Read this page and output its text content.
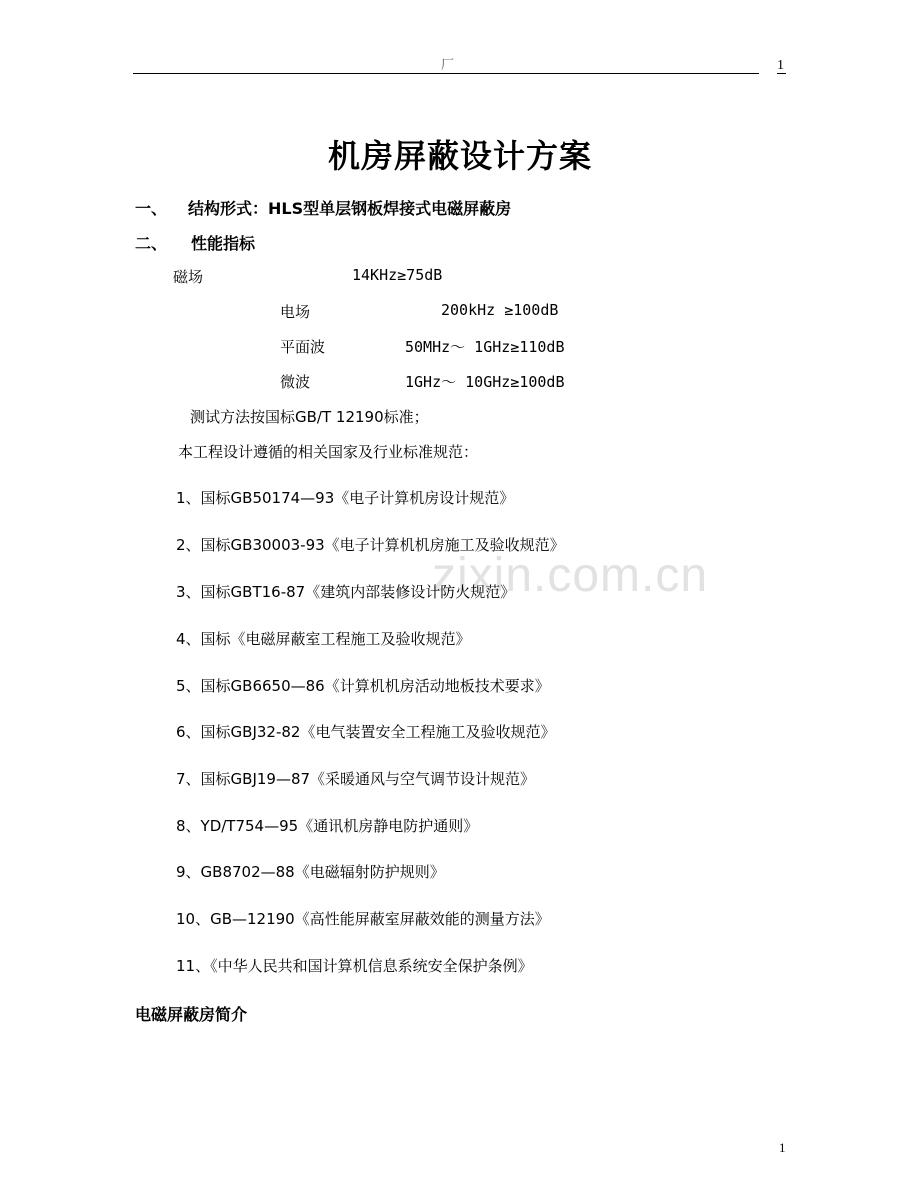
厂	1
zixin.com.cn
机房屏蔽设计方案
一、 结构形式：HLS型单层钢板焊接式电磁屏蔽房
二、 性能指标
磁场	14KHz≥75dB
电场	200kHz ≥100dB
平面波	50MHz～ 1GHz≥110dB
微波	1GHz～ 10GHz≥100dB
测试方法按国标GB/T 12190标准；
本工程设计遵循的相关国家及行业标准规范：
1、国标GB50174—93《电子计算机房设计规范》
2、国标GB30003-93《电子计算机机房施工及验收规范》
3、国标GBT16-87《建筑内部装修设计防火规范》
4、国标《电磁屏蔽室工程施工及验收规范》
5、国标GB6650—86《计算机机房活动地板技术要求》
6、国标GBJ32-82《电气装置安全工程施工及验收规范》
7、国标GBJ19—87《采暖通风与空气调节设计规范》
8、YD/T754—95《通讯机房静电防护通则》
9、GB8702—88《电磁辐射防护规则》
10、GB—12190《高性能屏蔽室屏蔽效能的测量方法》
11、《中华人民共和国计算机信息系统安全保护条例》
电磁屏蔽房简介
1
